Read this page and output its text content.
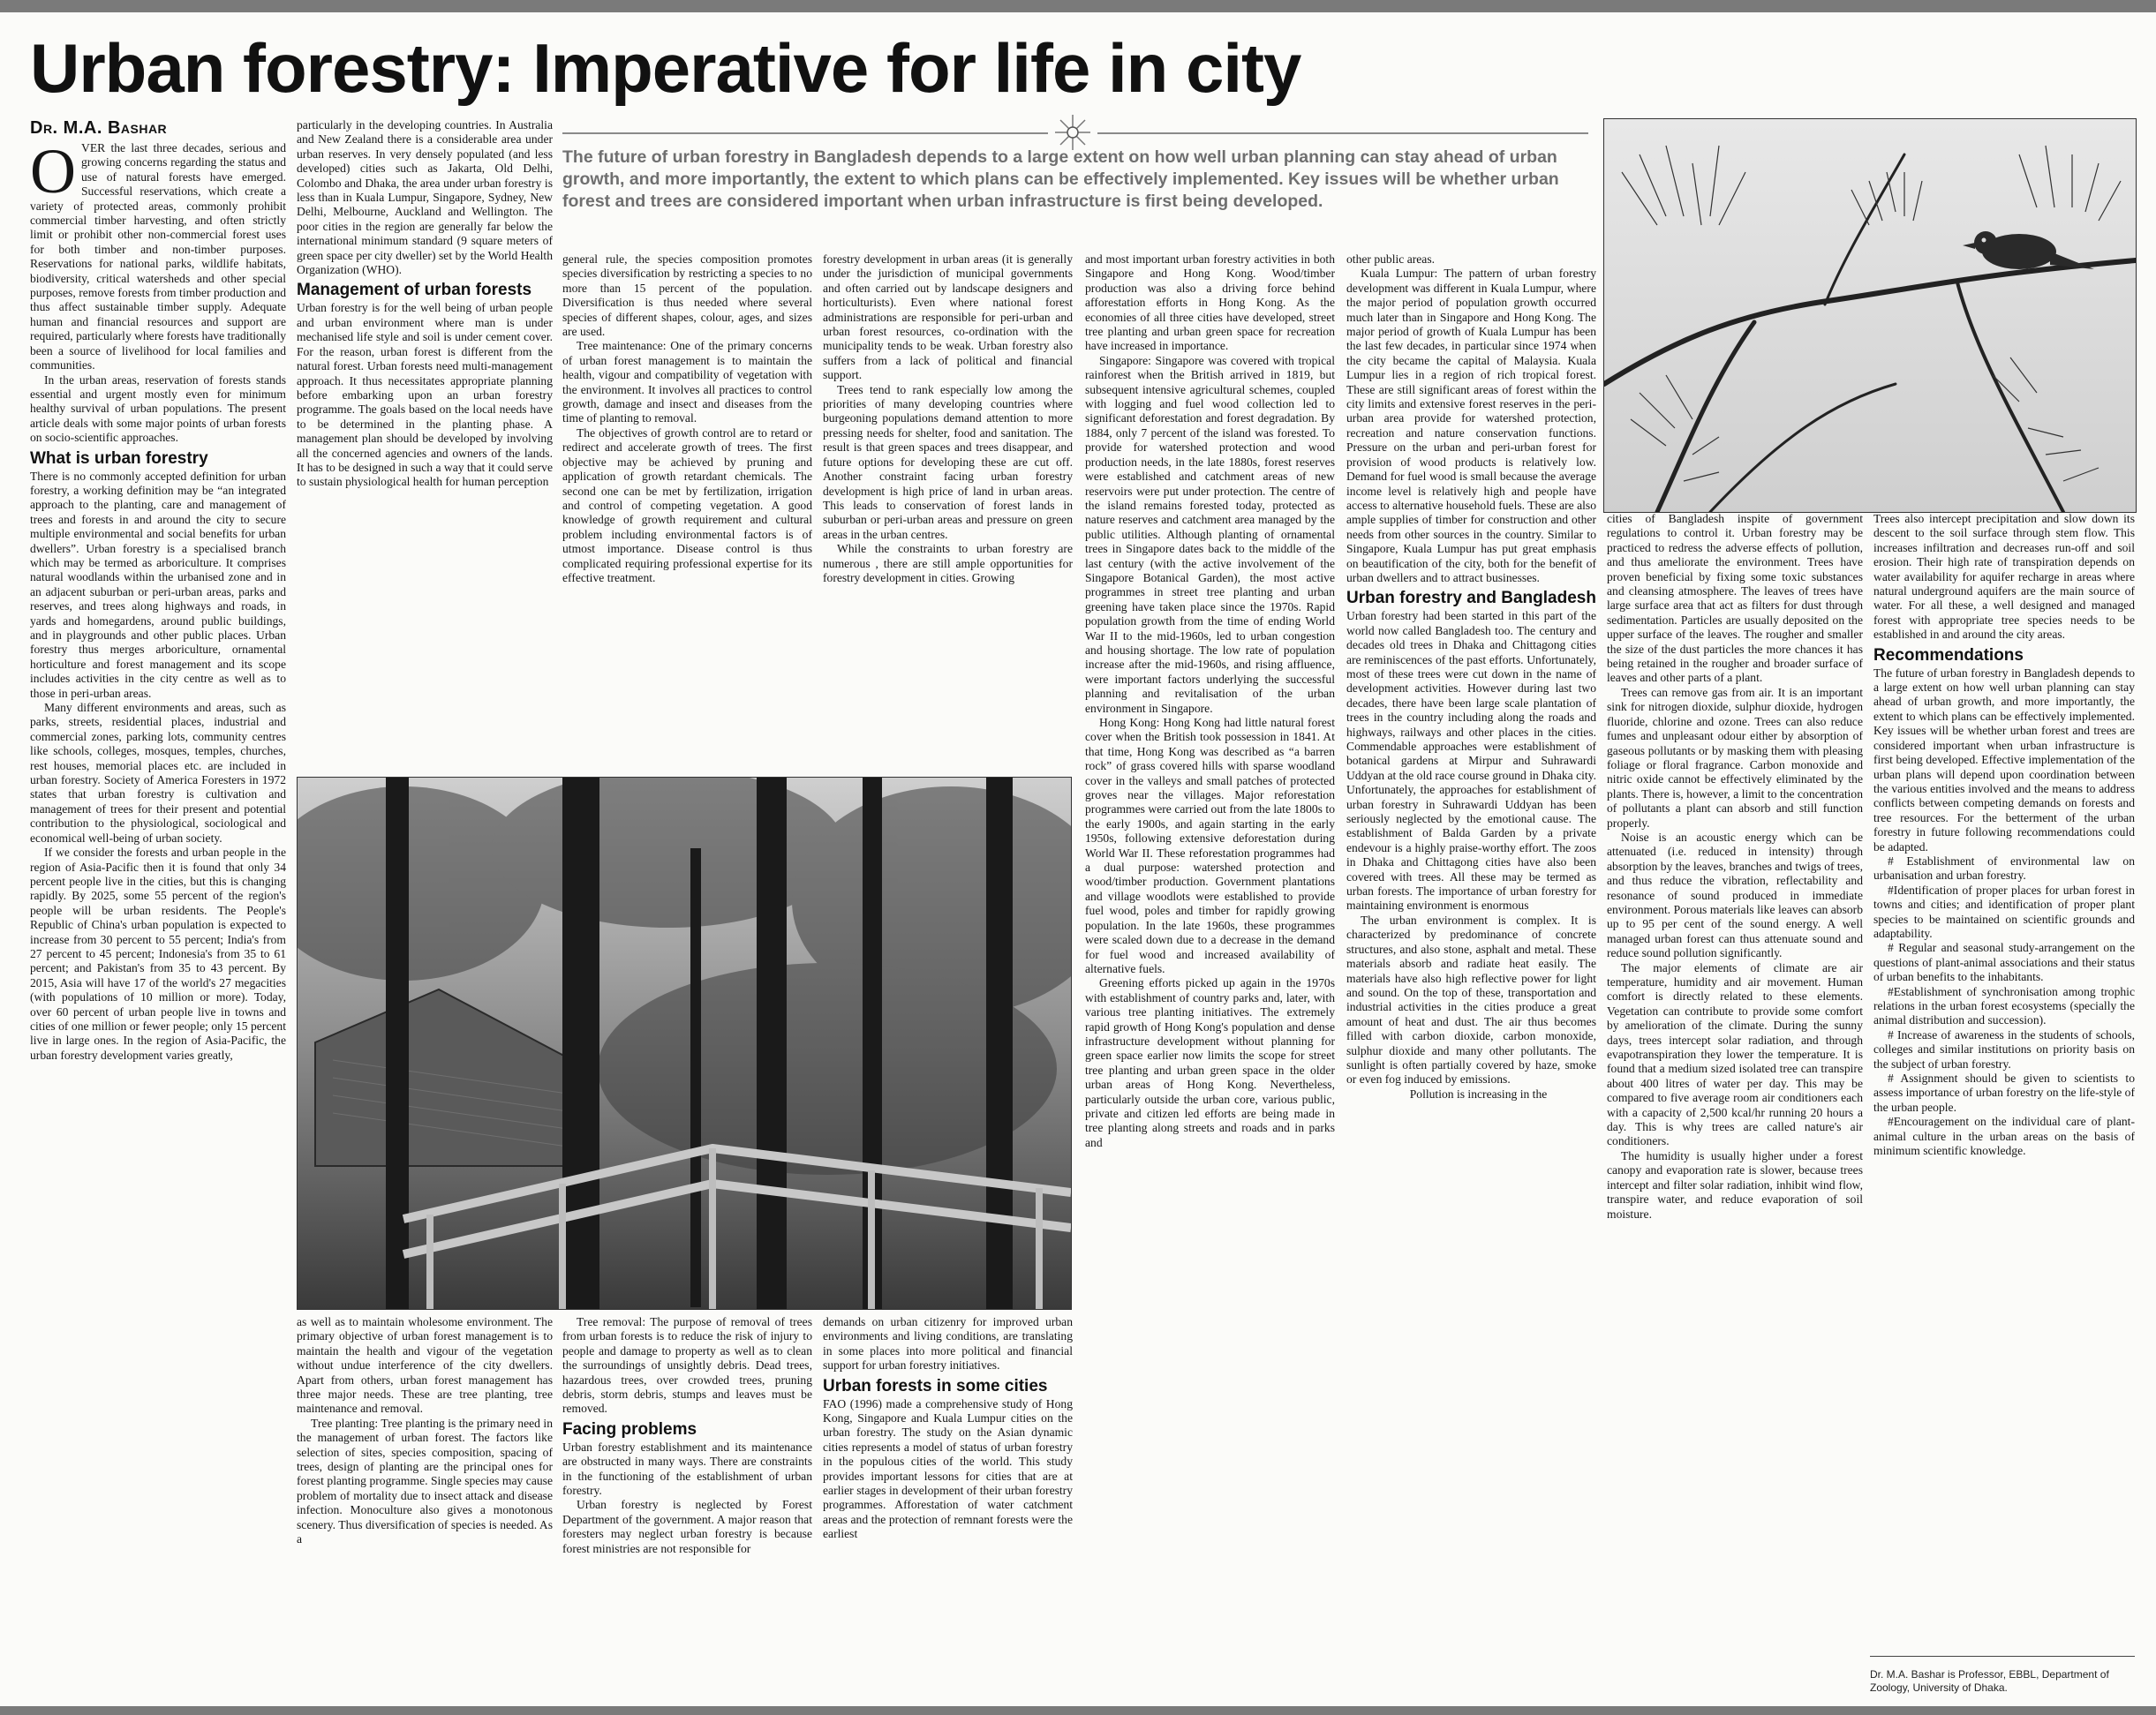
Urban forestry: Imperative for life in city
Dr. M.A. Bashar

OVER the last three decades, serious and growing concerns regarding the status and use of natural forests have emerged. Successful reservations, which create a variety of protected areas, commonly prohibit commercial timber harvesting, and often strictly limit or prohibit other non-commercial forest uses for both timber and non-timber purposes. Reservations for national parks, wildlife habitats, biodiversity, critical watersheds and other special purposes, remove forests from timber production and thus affect sustainable timber supply. Adequate human and financial resources and support are required, particularly where forests have traditionally been a source of livelihood for local families and communities.

In the urban areas, reservation of forests stands essential and urgent mostly even for minimum healthy survival of urban populations. The present article deals with some major points of urban forests on socio-scientific approaches.

What is urban forestry

There is no commonly accepted definition for urban forestry, a working definition may be “an integrated approach to the planting, care and management of trees and forests in and around the city to secure multiple environmental and social benefits for urban dwellers”. Urban forestry is a specialised branch which may be termed as arboriculture. It comprises natural woodlands within the urbanised zone and in an adjacent suburban or peri-urban areas, parks and reserves, and trees along highways and roads, in yards and homegardens, around public buildings, and in playgrounds and other public places. Urban forestry thus merges arboriculture, ornamental horticulture and forest management and its scope includes activities in the city centre as well as to those in peri-urban areas.

Many different environments and areas, such as parks, streets, residential places, industrial and commercial zones, parking lots, community centres like schools, colleges, mosques, temples, churches, rest houses, memorial places etc. are included in urban forestry. Society of America Foresters in 1972 states that urban forestry is cultivation and management of trees for their present and potential contribution to the physiological, sociological and economical well-being of urban society.

If we consider the forests and urban people in the region of Asia-Pacific then it is found that only 34 percent people live in the cities, but this is changing rapidly. By 2025, some 55 percent of the region's people will be urban residents. The People's Republic of China's urban population is expected to increase from 30 percent to 55 percent; India's from 27 percent to 45 percent; Indonesia's from 35 to 61 percent; and Pakistan's from 35 to 43 percent. By 2015, Asia will have 17 of the world's 27 megacities (with populations of 10 million or more). Today, over 60 percent of urban people live in towns and cities of one million or fewer people; only 15 percent live in large ones. In the region of Asia-Pacific, the urban forestry development varies greatly,

particularly in the developing countries. In Australia and New Zealand there is a considerable area under urban reserves. In very densely populated (and less developed) cities such as Jakarta, Old Delhi, Colombo and Dhaka, the area under urban forestry is less than in Kuala Lumpur, Singapore, Sydney, New Delhi, Melbourne, Auckland and Wellington. The poor cities in the region are generally far below the international minimum standard (9 square meters of green space per city dweller) set by the World Health Organization (WHO).

Management of urban forests

Urban forestry is for the well being of urban people and urban environment where man is under mechanised life style and soil is under cement cover. For the reason, urban forest is different from the natural forest. Urban forests need multi-management approach. It thus necessitates appropriate planning before embarking upon an urban forestry programme. The goals based on the local needs have to be determined in the planting phase. A management plan should be developed by involving all the concerned agencies and owners of the lands. It has to be designed in such a way that it could serve to sustain physiological health for human perception

The future of urban forestry in Bangladesh depends to a large extent on how well urban planning can stay ahead of urban growth, and more importantly, the extent to which plans can be effectively implemented. Key issues will be whether urban forest and trees are considered important when urban infrastructure is first being developed.

general rule, the species composition promotes species diversification by restricting a species to no more than 15 percent of the population. Diversification is thus needed where several species of different shapes, colour, ages, and sizes are used.

Tree maintenance: One of the primary concerns of urban forest management is to maintain the health, vigour and compatibility of vegetation with the environment. It involves all practices to control growth, damage and insect and diseases from the time of planting to removal.

The objectives of growth control are to retard or redirect and accelerate growth of trees. The first objective may be achieved by pruning and application of growth retardant chemicals. The second one can be met by fertilization, irrigation and control of competing vegetation. A good knowledge of growth requirement and cultural problem including environmental factors is of utmost importance. Disease control is thus complicated requiring professional expertise for its effective treatment.

forestry development in urban areas (it is generally under the jurisdiction of municipal governments and often carried out by landscape designers and horticulturists). Even where national forest administrations are responsible for peri-urban and urban forest resources, co-ordination with the municipality tends to be weak. Urban forestry also suffers from a lack of political and financial support.

Trees tend to rank especially low among the priorities of many developing countries where burgeoning populations demand attention to more pressing needs for shelter, food and sanitation. The result is that green spaces and trees disappear, and future options for developing these are cut off. Another constraint facing urban forestry development is high price of land in urban areas. This leads to conservation of forest lands in suburban or peri-urban areas and pressure on green areas in the urban centres.

While the constraints to urban forestry are numerous , there are still ample opportunities for forestry development in cities. Growing

and most important urban forestry activities in both Singapore and Hong Kong. Wood/timber production was also a driving force behind afforestation efforts in Hong Kong. As the economies of all three cities have developed, street tree planting and urban green space for recreation have increased in importance.

Singapore: Singapore was covered with tropical rainforest when the British arrived in 1819, but subsequent intensive agricultural schemes, coupled with logging and fuel wood collection led to significant deforestation and forest degradation. By 1884, only 7 percent of the island was forested. To provide for watershed protection and wood production needs, in the late 1880s, forest reserves were established and catchment areas of new reservoirs were put under protection. The centre of the island remains forested today, protected as nature reserves and catchment area managed by the public utilities. Although planting of ornamental trees in Singapore dates back to the middle of the last century (with the active involvement of the Singapore Botanical Garden), the most active programmes in street tree planting and urban greening have taken place since the 1970s. Rapid population growth from the time of ending World War II to the mid-1960s, led to urban congestion and housing shortage. The low rate of population increase after the mid-1960s, and rising affluence, were important factors underlying the successful planning and revitalisation of the urban environment in Singapore.

Hong Kong: Hong Kong had little natural forest cover when the British took possession in 1841. At that time, Hong Kong was described as “a barren rock” of grass covered hills with sparse woodland cover in the valleys and small patches of protected groves near the villages. Major reforestation programmes were carried out from the late 1800s to the early 1900s, and again starting in the early 1950s, following extensive deforestation during World War II. These reforestation programmes had a dual purpose: watershed protection and wood/timber production. Government plantations and village woodlots were established to provide fuel wood, poles and timber for rapidly growing population. In the late 1960s, these programmes were scaled down due to a decrease in the demand for fuel wood and increased availability of alternative fuels.

Greening efforts picked up again in the 1970s with establishment of country parks and, later, with various tree planting initiatives. The extremely rapid growth of Hong Kong's population and dense infrastructure development without planning for green space earlier now limits the scope for street tree planting and urban green space in the older urban areas of Hong Kong. Nevertheless, particularly outside the urban core, various public, private and citizen led efforts are being made in tree planting along streets and roads and in parks and

other public areas.

Kuala Lumpur: The pattern of urban forestry development was different in Kuala Lumpur, where the major period of population growth occurred much later than in Singapore and Hong Kong. The major period of growth of Kuala Lumpur has been the last few decades, in particular since 1974 when the city became the capital of Malaysia. Kuala Lumpur lies in a region of rich tropical forest. These are still significant areas of forest within the city limits and extensive forest reserves in the peri-urban area provide for watershed protection, recreation and nature conservation functions. Pressure on the urban and peri-urban forest for provision of wood products is relatively low. Demand for fuel wood is small because the average income level is relatively high and people have access to alternative household fuels. These are also ample supplies of timber for construction and other needs from other sources in the country. Similar to Singapore, Kuala Lumpur has put great emphasis on beautification of the city, both for the benefit of urban dwellers and to attract businesses.

Urban forestry and Bangladesh

Urban forestry had been started in this part of the world now called Bangladesh too. The century and decades old trees in Dhaka and Chittagong cities are reminiscences of the past efforts. Unfortunately, most of these trees were cut down in the name of development activities. However during last two decades, there have been large scale plantation of trees in the country including along the roads and highways, railways and other places in the cities. Commendable approaches were establishment of botanical gardens at Mirpur and Suhrawardi Uddyan at the old race course ground in Dhaka city. Unfortunately, the approaches for establishment of urban forestry in Suhrawardi Uddyan has been seriously neglected by the emotional cause. The establishment of Balda Garden by a private endevour is a highly praise-worthy effort. The zoos in Dhaka and Chittagong cities have also been covered with trees. All these may be termed as urban forests. The importance of urban forestry for maintaining environment is enormous

The urban environment is complex. It is characterized by predominance of concrete structures, and also stone, asphalt and metal. These materials absorb and radiate heat easily. The materials have also high reflective power for light and sound. On the top of these, transportation and industrial activities in the cities produce a great amount of heat and dust. The air thus becomes filled with carbon dioxide, carbon monoxide, sulphur dioxide and many other pollutants. The sunlight is often partially covered by haze, smoke or even fog induced by emissions.

Pollution is increasing in the

cities of Bangladesh inspite of government regulations to control it. Urban forestry may be practiced to redress the adverse effects of pollution, and thus ameliorate the environment. Trees have proven beneficial by fixing some toxic substances and cleansing atmosphere. The leaves of trees have large surface area that act as filters for dust through sedimentation. Particles are usually deposited on the upper surface of the leaves. The rougher and smaller the size of the dust particles the more chances it has being retained in the rougher and broader surface of leaves and other parts of a plant.

Trees can remove gas from air. It is an important sink for nitrogen dioxide, sulphur dioxide, hydrogen fluoride, chlorine and ozone. Trees can also reduce fumes and unpleasant odour either by absorption of gaseous pollutants or by masking them with pleasing foliage or floral fragrance. Carbon monoxide and nitric oxide cannot be effectively eliminated by the plants. There is, however, a limit to the concentration of pollutants a plant can absorb and still function properly.

Noise is an acoustic energy which can be attenuated (i.e. reduced in intensity) through absorption by the leaves, branches and twigs of trees, and thus reduce the vibration, reflectability and resonance of sound produced in immediate environment. Porous materials like leaves can absorb up to 95 per cent of the sound energy. A well managed urban forest can thus attenuate sound and reduce sound pollution significantly.

The major elements of climate are air temperature, humidity and air movement. Human comfort is directly related to these elements. Vegetation can contribute to provide some comfort by amelioration of the climate. During the sunny days, trees intercept solar radiation, and through evapotranspiration they lower the temperature. It is found that a medium sized isolated tree can transpire about 400 litres of water per day. This may be compared to five average room air conditioners each with a capacity of 2,500 kcal/hr running 20 hours a day. This is why trees are called nature's air conditioners.

The humidity is usually higher under a forest canopy and evaporation rate is slower, because trees intercept and filter solar radiation, inhibit wind flow, transpire water, and reduce evaporation of soil moisture.

Trees also intercept precipitation and slow down its descent to the soil surface through stem flow. This increases infiltration and decreases run-off and soil erosion. Their high rate of transpiration depends on water availability for aquifer recharge in areas where natural underground aquifers are the main source of water. For all these, a well designed and managed forest with appropriate tree species needs to be established in and around the city areas.

Recommendations

The future of urban forestry in Bangladesh depends to a large extent on how well urban planning can stay ahead of urban growth, and more importantly, the extent to which plans can be effectively implemented. Key issues will be whether urban forest and trees are considered important when urban infrastructure is first being developed. Effective implementation of the urban plans will depend upon coordination between the various entities involved and the means to address conflicts between competing demands on forests and tree resources. For the betterment of the urban forestry in future following recommendations could be adapted.

# Establishment of environmental law on urbanisation and urban forestry.

#Identification of proper places for urban forest in towns and cities; and identification of proper plant species to be maintained on scientific grounds and adaptability.

# Regular and seasonal study-arrangement on the questions of plant-animal associations and their status of urban benefits to the inhabitants.

#Establishment of synchronisation among trophic relations in the urban forest ecosystems (specially the animal distribution and succession).

# Increase of awareness in the students of schools, colleges and similar institutions on priority basis on the subject of urban forestry.

# Assignment should be given to scientists to assess importance of urban forestry on the life-style of the urban people.

#Encouragement on the individual care of plant-animal culture in the urban areas on the basis of minimum scientific knowledge.

Dr. M.A. Bashar is Professor, EBBL, Department of Zoology, University of Dhaka.

as well as to maintain wholesome environment. The primary objective of urban forest management is to maintain the health and vigour of the vegetation without undue interference of the city dwellers. Apart from others, urban forest management has three major needs. These are tree planting, tree maintenance and removal.

Tree planting: Tree planting is the primary need in the management of urban forest. The factors like selection of sites, species composition, spacing of trees, design of planting are the principal ones for forest planting programme. Single species may cause problem of mortality due to insect attack and disease infection. Monoculture also gives a monotonous scenery. Thus diversification of species is needed. As a

Tree removal: The purpose of removal of trees from urban forests is to reduce the risk of injury to people and damage to property as well as to clean the surroundings of unsightly debris. Dead trees, hazardous trees, over crowded trees, pruning debris, storm debris, stumps and leaves must be removed.

Facing problems

Urban forestry establishment and its maintenance are obstructed in many ways. There are constraints in the functioning of the establishment of urban forestry.

Urban forestry is neglected by Forest Department of the government. A major reason that foresters may neglect urban forestry is because forest ministries are not responsible for

demands on urban citizenry for improved urban environments and living conditions, are translating in some places into more political and financial support for urban forestry initiatives.

Urban forests in some cities

FAO (1996) made a comprehensive study of Hong Kong, Singapore and Kuala Lumpur cities on the urban forestry. The study on the Asian dynamic cities represents a model of status of urban forestry in the populous cities of the world. This study provides important lessons for cities that are at earlier stages in development of their urban forestry programmes. Afforestation of water catchment areas and the protection of remnant forests were the earliest
